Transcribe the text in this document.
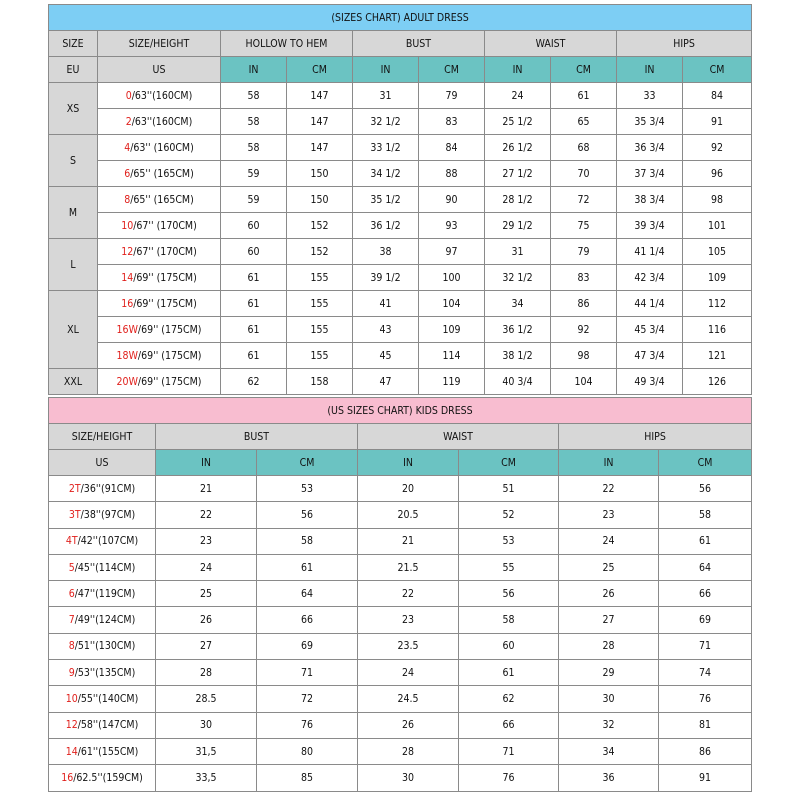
(SIZES CHART) ADULT DRESS									
SIZE	SIZE/HEIGHT	HOLLOW TO HEM		BUST		WAIST		HIPS	
EU	US	IN	CM	IN	CM	IN	CM	IN	CM
XS	0/63''(160CM)	58	147	31	79	24	61	33	84
	2/63''(160CM)	58	147	32 1/2	83	25 1/2	65	35 3/4	91
S	4/63'' (160CM)	58	147	33 1/2	84	26 1/2	68	36 3/4	92
	6/65'' (165CM)	59	150	34 1/2	88	27 1/2	70	37 3/4	96
M	8/65'' (165CM)	59	150	35 1/2	90	28 1/2	72	38 3/4	98
	10/67'' (170CM)	60	152	36 1/2	93	29 1/2	75	39 3/4	101
L	12/67'' (170CM)	60	152	38	97	31	79	41 1/4	105
	14/69'' (175CM)	61	155	39 1/2	100	32 1/2	83	42 3/4	109
XL	16/69'' (175CM)	61	155	41	104	34	86	44 1/4	112
	16W/69'' (175CM)	61	155	43	109	36 1/2	92	45 3/4	116
	18W/69'' (175CM)	61	155	45	114	38 1/2	98	47 3/4	121
XXL	20W/69'' (175CM)	62	158	47	119	40 3/4	104	49 3/4	126
(US SIZES CHART) KIDS DRESS						
SIZE/HEIGHT	BUST		WAIST		HIPS	
US	IN	CM	IN	CM	IN	CM
2T/36''(91CM)	21	53	20	51	22	56
3T/38''(97CM)	22	56	20.5	52	23	58
4T/42''(107CM)	23	58	21	53	24	61
5/45''(114CM)	24	61	21.5	55	25	64
6/47''(119CM)	25	64	22	56	26	66
7/49''(124CM)	26	66	23	58	27	69
8/51''(130CM)	27	69	23.5	60	28	71
9/53''(135CM)	28	71	24	61	29	74
10/55''(140CM)	28.5	72	24.5	62	30	76
12/58''(147CM)	30	76	26	66	32	81
14/61''(155CM)	31,5	80	28	71	34	86
16/62.5''(159CM)	33,5	85	30	76	36	91
